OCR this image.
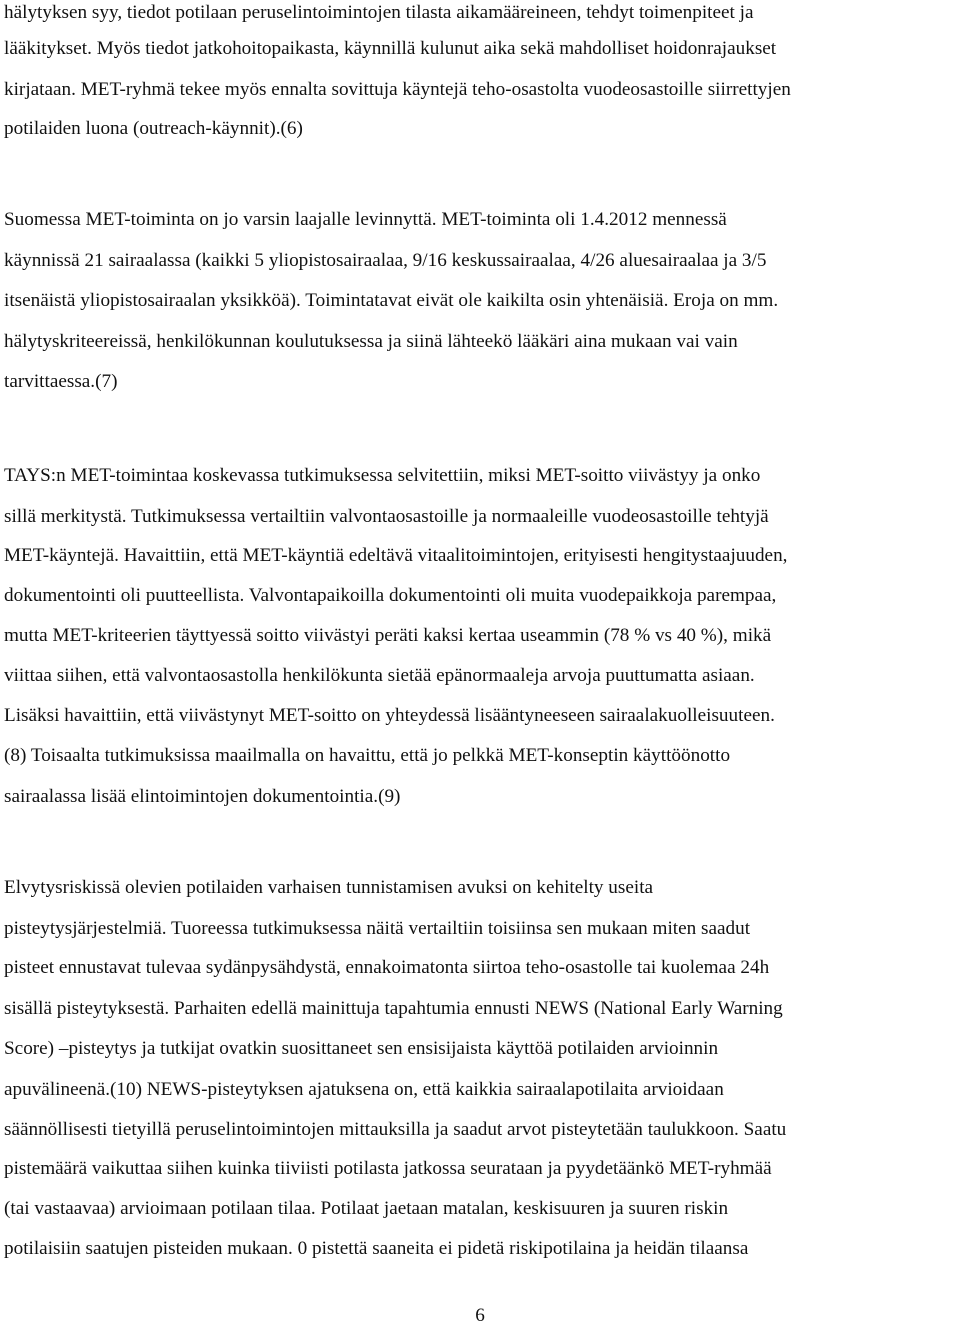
hälytyksen syy, tiedot potilaan peruselintoimintojen tilasta aikamääreineen, tehdyt toimenpiteet ja
lääkitykset. Myös tiedot jatkohoitopaikasta, käynnillä kulunut aika sekä mahdolliset hoidonrajaukset
kirjataan. MET-ryhmä tekee myös ennalta sovittuja käyntejä teho-osastolta vuodeosastoille siirrettyjen
potilaiden luona (outreach-käynnit).(6)
Suomessa MET-toiminta on jo varsin laajalle levinnyttä. MET-toiminta oli 1.4.2012 mennessä
käynnissä 21 sairaalassa (kaikki 5 yliopistosairaalaa, 9/16 keskussairaalaa, 4/26 aluesairaalaa ja 3/5
itsenäistä yliopistosairaalan yksikköä). Toimintatavat eivät ole kaikilta osin yhtenäisiä. Eroja on mm.
hälytyskriteereissä, henkilökunnan koulutuksessa ja siinä lähteekö lääkäri aina mukaan vai vain
tarvittaessa.(7)
TAYS:n MET-toimintaa koskevassa tutkimuksessa selvitettiin, miksi MET-soitto viivästyy ja onko
sillä merkitystä. Tutkimuksessa vertailtiin valvontaosastoille ja normaaleille vuodeosastoille tehtyjä
MET-käyntejä. Havaittiin, että MET-käyntiä edeltävä vitaalitoimintojen, erityisesti hengitystaajuuden,
dokumentointi oli puutteellista. Valvontapaikoilla dokumentointi oli muita vuodepaikkoja parempaa,
mutta MET-kriteerien täyttyessä soitto viivästyi peräti kaksi kertaa useammin (78 % vs 40 %), mikä
viittaa siihen, että valvontaosastolla henkilökunta sietää epänormaaleja arvoja puuttumatta asiaan.
Lisäksi havaittiin, että viivästynyt MET-soitto on yhteydessä lisääntyneeseen sairaalakuolleisuuteen.
(8) Toisaalta tutkimuksissa maailmalla on havaittu, että jo pelkkä MET-konseptin käyttöönotto
sairaalassa lisää elintoimintojen dokumentointia.(9)
Elvytysriskissä olevien potilaiden varhaisen tunnistamisen avuksi on kehitelty useita
pisteytysjärjestelmiä. Tuoreessa tutkimuksessa näitä vertailtiin toisiinsa sen mukaan miten saadut
pisteet ennustavat tulevaa sydänpysähdystä, ennakoimatonta siirtoa teho-osastolle tai kuolemaa 24h
sisällä pisteytyksestä. Parhaiten edellä mainittuja tapahtumia ennusti NEWS (National Early Warning
Score) –pisteytys ja tutkijat ovatkin suosittaneet sen ensisijaista käyttöä potilaiden arvioinnin
apuvälineenä.(10) NEWS-pisteytyksen ajatuksena on, että kaikkia sairaalapotilaita arvioidaan
säännöllisesti tietyillä peruselintoimintojen mittauksilla ja saadut arvot pisteytetään taulukkoon. Saatu
pistemäärä vaikuttaa siihen kuinka tiiviisti potilasta jatkossa seurataan ja pyydetäänkö MET-ryhmää
(tai vastaavaa) arvioimaan potilaan tilaa. Potilaat jaetaan matalan, keskisuuren ja suuren riskin
potilaisiin saatujen pisteiden mukaan. 0 pistettä saaneita ei pidetä riskipotilaina ja heidän tilaansa
6
